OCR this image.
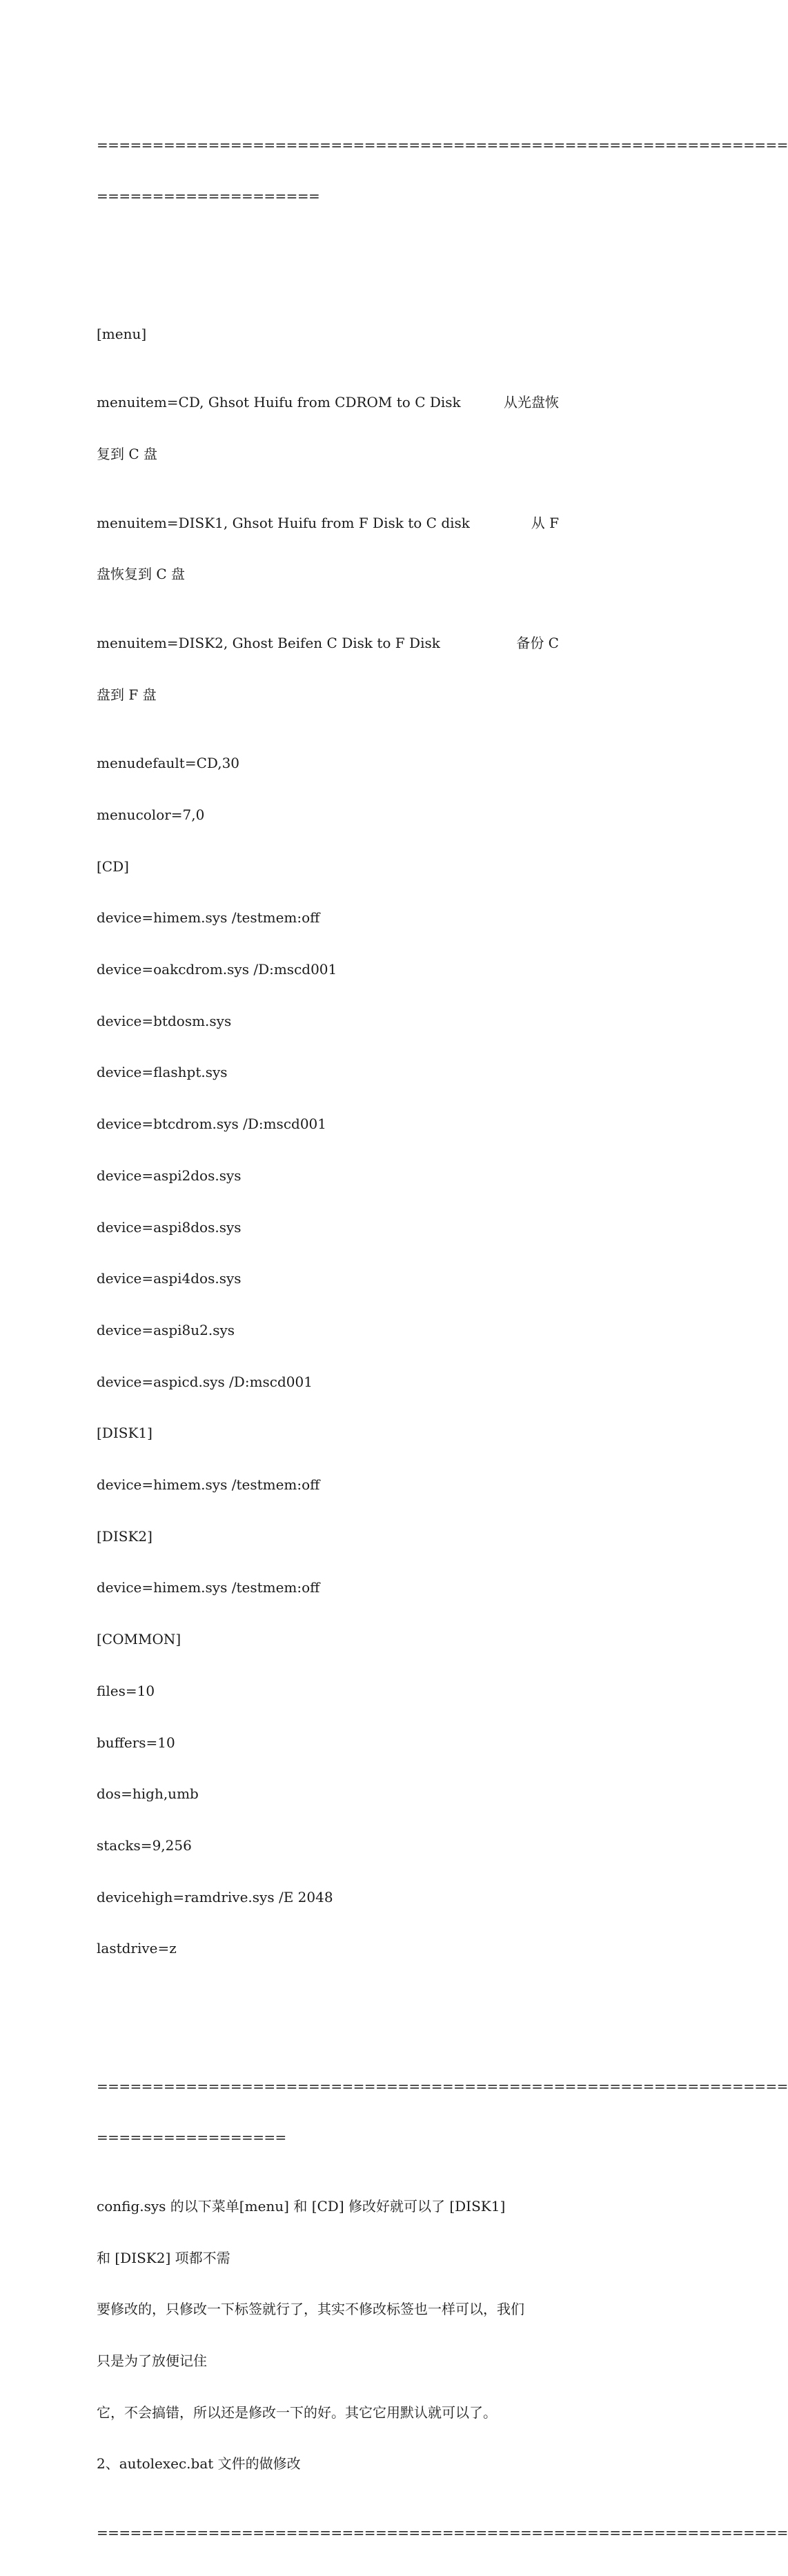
==============================================================

====================

[menu]

menuitem=CD, Ghsot Huifu from CDROM to C Disk	从光盘恢

复到 C 盘

menuitem=DISK1, Ghsot Huifu from F Disk to C disk	从 F

盘恢复到 C 盘

menuitem=DISK2, Ghost Beifen C Disk to F Disk	备份 C

盘到 F 盘

menudefault=CD,30

menucolor=7,0

[CD]

device=himem.sys /testmem:off

device=oakcdrom.sys /D:mscd001

device=btdosm.sys

device=flashpt.sys

device=btcdrom.sys /D:mscd001

device=aspi2dos.sys

device=aspi8dos.sys

device=aspi4dos.sys

device=aspi8u2.sys

device=aspicd.sys /D:mscd001

[DISK1]

device=himem.sys /testmem:off

[DISK2]

device=himem.sys /testmem:off

[COMMON]

files=10

buffers=10

dos=high,umb

stacks=9,256

devicehigh=ramdrive.sys /E 2048

lastdrive=z

==============================================================

=================

config.sys 的以下菜单[menu] 和 [CD] 修改好就可以了 [DISK1]

和 [DISK2] 项都不需

要修改的，只修改一下标签就行了，其实不修改标签也一样可以，我们

只是为了放便记住

它，不会搞错，所以还是修改一下的好。其它它用默认就可以了。

2、autolexec.bat 文件的做修改

==============================================================
